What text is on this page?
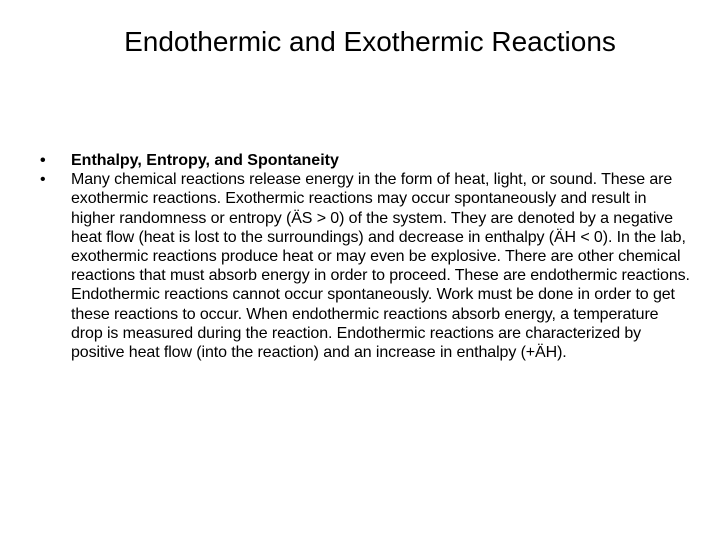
Endothermic and Exothermic Reactions
•	Enthalpy, Entropy, and Spontaneity
•	Many chemical reactions release energy in the form of heat, light, or sound. These are exothermic reactions. Exothermic reactions may occur spontaneously and result in higher randomness or entropy (ÄS > 0) of the system. They are denoted by a negative heat flow (heat is lost to the surroundings) and decrease in enthalpy (ÄH < 0). In the lab, exothermic reactions produce heat or may even be explosive. There are other chemical reactions that must absorb energy in order to proceed. These are endothermic reactions. Endothermic reactions cannot occur spontaneously. Work must be done in order to get these reactions to occur. When endothermic reactions absorb energy, a temperature drop is measured during the reaction. Endothermic reactions are characterized by positive heat flow (into the reaction) and an increase in enthalpy (+ÄH).
